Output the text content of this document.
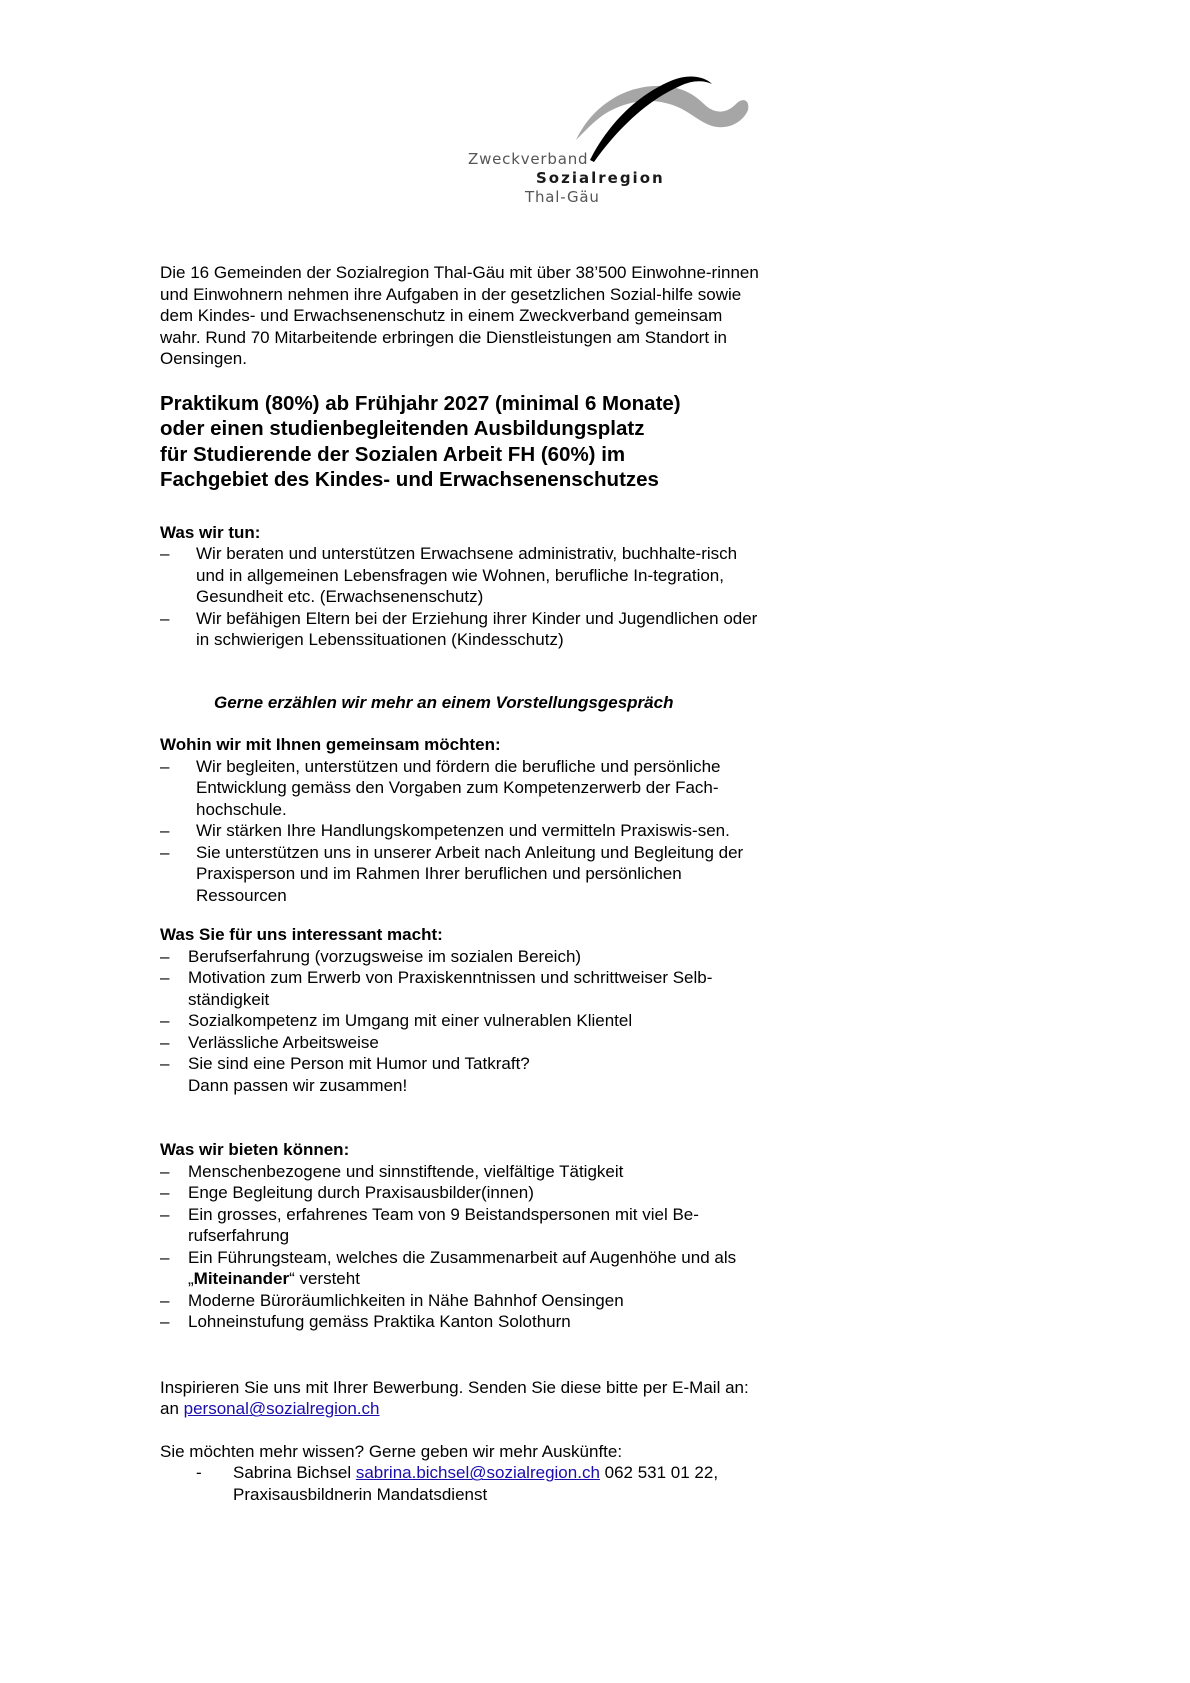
Zweckverband
Sozialregion
Thal-Gäu

Die 16 Gemeinden der Sozialregion Thal-Gäu mit über 38’500 Einwohne-rinnen und Einwohnern nehmen ihre Aufgaben in der gesetzlichen Sozial-hilfe sowie dem Kindes- und Erwachsenenschutz in einem Zweckverband gemeinsam wahr. Rund 70 Mitarbeitende erbringen die Dienstleistungen am Standort in Oensingen.

Praktikum (80%) ab Frühjahr 2027 (minimal 6 Monate)
oder einen studienbegleitenden Ausbildungsplatz
für Studierende der Sozialen Arbeit FH (60%) im
Fachgebiet des Kindes- und Erwachsenenschutzes
Was wir tun:
– Wir beraten und unterstützen Erwachsene administrativ, buchhalte-risch und in allgemeinen Lebensfragen wie Wohnen, berufliche In-tegration, Gesundheit etc. (Erwachsenenschutz)
– Wir befähigen Eltern bei der Erziehung ihrer Kinder und Jugendlichen oder in schwierigen Lebenssituationen (Kindesschutz)
Gerne erzählen wir mehr an einem Vorstellungsgespräch
Wohin wir mit Ihnen gemeinsam möchten:
– Wir begleiten, unterstützen und fördern die berufliche und persönliche Entwicklung gemäss den Vorgaben zum Kompetenzerwerb der Fach-hochschule.
– Wir stärken Ihre Handlungskompetenzen und vermitteln Praxiswis-sen.
– Sie unterstützen uns in unserer Arbeit nach Anleitung und Begleitung der Praxisperson und im Rahmen Ihrer beruflichen und persönlichen Ressourcen
Was Sie für uns interessant macht:
– Berufserfahrung (vorzugsweise im sozialen Bereich)
– Motivation zum Erwerb von Praxiskenntnissen und schrittweiser Selb-ständigkeit
– Sozialkompetenz im Umgang mit einer vulnerablen Klientel
– Verlässliche Arbeitsweise
– Sie sind eine Person mit Humor und Tatkraft?
Dann passen wir zusammen!
Was wir bieten können:
– Menschenbezogene und sinnstiftende, vielfältige Tätigkeit
– Enge Begleitung durch Praxisausbilder(innen)
– Ein grosses, erfahrenes Team von 9 Beistandspersonen mit viel Be-rufserfahrung
– Ein Führungsteam, welches die Zusammenarbeit auf Augenhöhe und als „Miteinander“ versteht
– Moderne Büroräumlichkeiten in Nähe Bahnhof Oensingen
– Lohneinstufung gemäss Praktika Kanton Solothurn

Inspirieren Sie uns mit Ihrer Bewerbung. Senden Sie diese bitte per E-Mail an: an personal@sozialregion.ch

Sie möchten mehr wissen? Gerne geben wir mehr Auskünfte:

- Sabrina Bichsel sabrina.bichsel@sozialregion.ch 062 531 01 22,
Praxisausbildnerin Mandatsdienst
